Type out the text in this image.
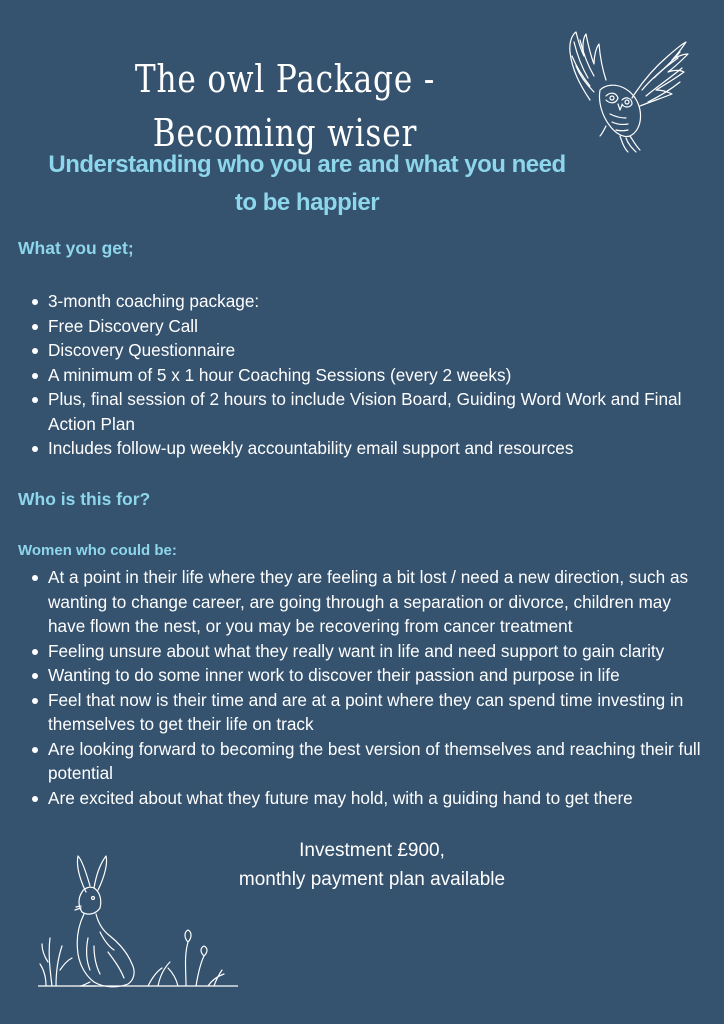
The owl Package - Becoming wiser
Understanding who you are and what you need
to be happier
What you get;
3-month coaching package:
Free Discovery Call
Discovery Questionnaire
A minimum of 5 x 1 hour Coaching Sessions (every 2 weeks)
Plus, final session of 2 hours to include Vision Board, Guiding Word Work and Final Action Plan
Includes follow-up weekly accountability email support and resources
Who is this for?
Women who could be:
At a point in their life where they are feeling a bit lost / need a new direction, such as wanting to change career, are going through a separation or divorce, children may have flown the nest, or you may be recovering from cancer treatment
Feeling unsure about what they really want in life and need support to gain clarity
Wanting to do some inner work to discover their passion and purpose in life
Feel that now is their time and are at a point where they can spend time investing in themselves to get their life on track
Are looking forward to becoming the best version of themselves and reaching their full potential
Are excited about what they future may hold, with a guiding hand to get there
Investment £900,
monthly payment plan available
